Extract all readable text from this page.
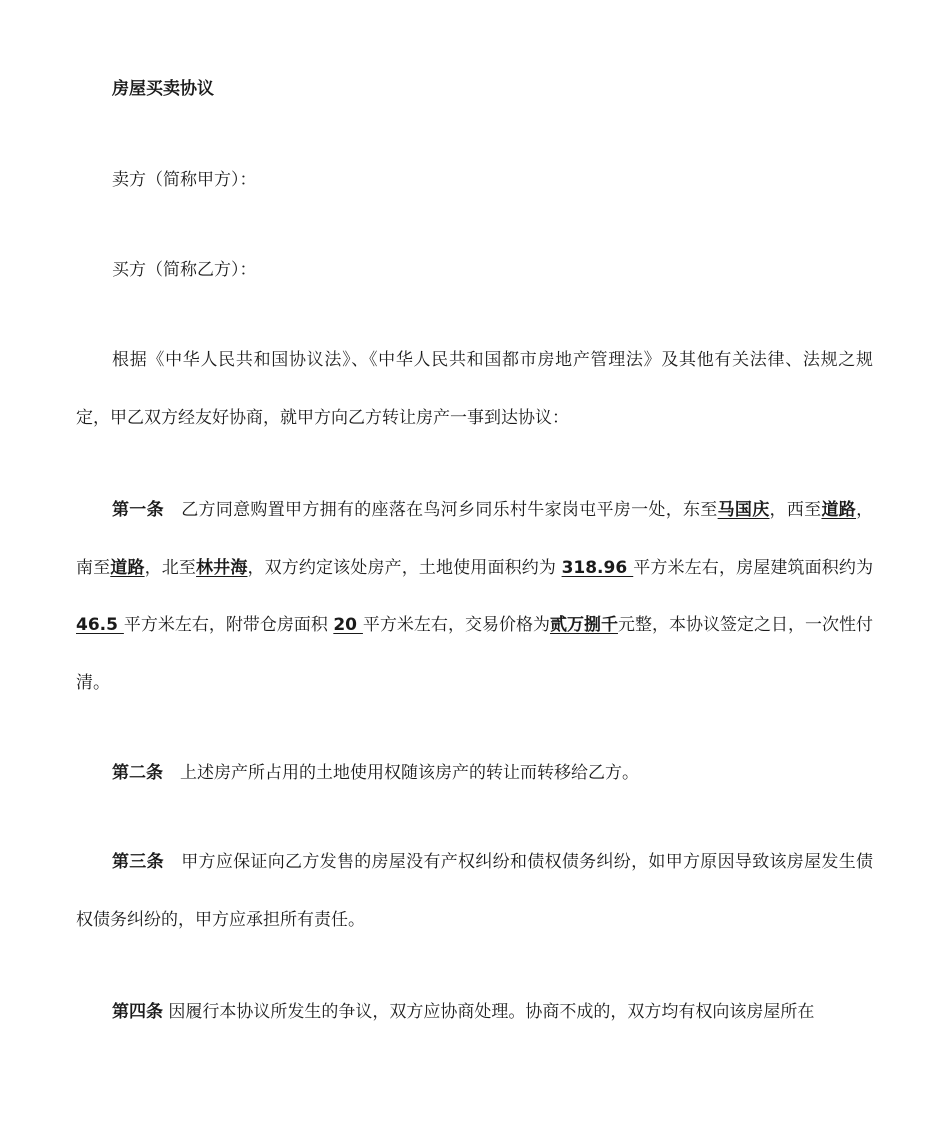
房屋买卖协议
卖方（简称甲方）：
买方（简称乙方）：
根据《中华人民共和国协议法》、《中华人民共和国都市房地产管理法》及其他有关法律、法规之规定，甲乙双方经友好协商，就甲方向乙方转让房产一事到达协议：
第一条　乙方同意购置甲方拥有的座落在鸟河乡同乐村牛家岗屯平房一处，东至马国庆，西至道路，南至道路，北至林井海，双方约定该处房产，土地使用面积约为 318.96 平方米左右，房屋建筑面积约为 46.5 平方米左右，附带仓房面积 20 平方米左右，交易价格为贰万捌千元整，本协议签定之日，一次性付清。
第二条　上述房产所占用的土地使用权随该房产的转让而转移给乙方。
第三条　甲方应保证向乙方发售的房屋没有产权纠纷和债权债务纠纷，如甲方原因导致该房屋发生债权债务纠纷的，甲方应承担所有责任。
第四条 因履行本协议所发生的争议，双方应协商处理。协商不成的，双方均有权向该房屋所在
